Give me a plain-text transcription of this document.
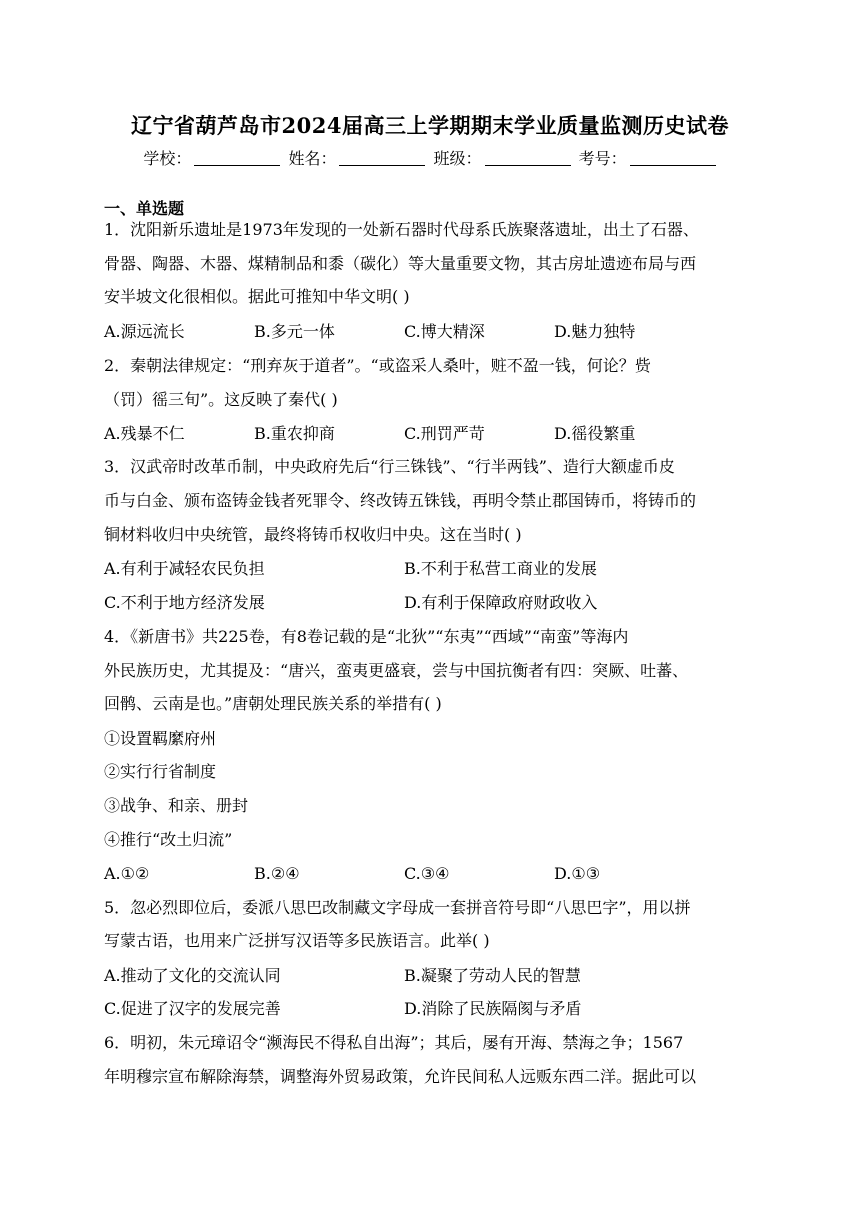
辽宁省葫芦岛市2024届高三上学期期末学业质量监测历史试卷
学校：	姓名：	班级：	考号：
一、单选题
1．沈阳新乐遗址是1973年发现的一处新石器时代母系氏族聚落遗址，出土了石器、
骨器、陶器、木器、煤精制品和黍（碳化）等大量重要文物，其古房址遗迹布局与西
安半坡文化很相似。据此可推知中华文明( )
A.源远流长	B.多元一体	C.博大精深	D.魅力独特
2．秦朝法律规定：“刑弃灰于道者”。“或盗采人桑叶，赃不盈一钱，何论？赀
（罚）徭三旬”。这反映了秦代( )
A.残暴不仁	B.重农抑商	C.刑罚严苛	D.徭役繁重
3．汉武帝时改革币制，中央政府先后“行三铢钱”、“行半两钱”、造行大额虚币皮
币与白金、颁布盗铸金钱者死罪令、终改铸五铢钱，再明令禁止郡国铸币，将铸币的
铜材料收归中央统管，最终将铸币权收归中央。这在当时( )
A.有利于减轻农民负担	B.不利于私营工商业的发展
C.不利于地方经济发展	D.有利于保障政府财政收入
4．《新唐书》共225卷，有8卷记载的是“北狄”“东夷”“西域”“南蛮”等海内
外民族历史，尤其提及：“唐兴，蛮夷更盛衰，尝与中国抗衡者有四：突厥、吐蕃、
回鹘、云南是也。”唐朝处理民族关系的举措有( )
①设置羁縻府州
②实行行省制度
③战争、和亲、册封
④推行“改土归流”
A.①②	B.②④	C.③④	D.①③
5．忽必烈即位后，委派八思巴改制藏文字母成一套拼音符号即“八思巴字”，用以拼
写蒙古语，也用来广泛拼写汉语等多民族语言。此举( )
A.推动了文化的交流认同	B.凝聚了劳动人民的智慧
C.促进了汉字的发展完善	D.消除了民族隔阂与矛盾
6．明初，朱元璋诏令“濒海民不得私自出海”；其后，屡有开海、禁海之争；1567
年明穆宗宣布解除海禁，调整海外贸易政策，允许民间私人远贩东西二洋。据此可以
